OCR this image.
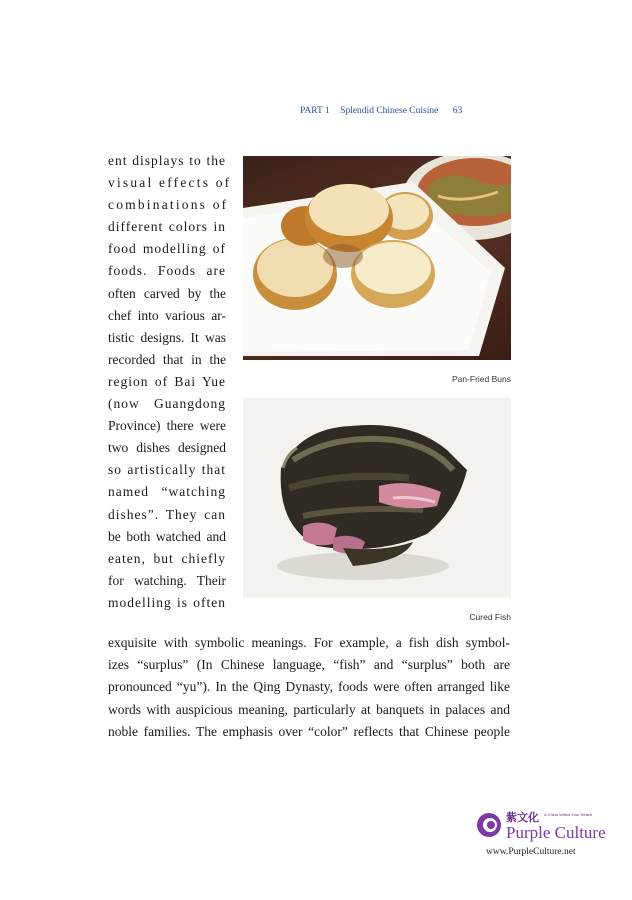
PART 1 Splendid Chinese Cuisine 63
ent displays to the
visual effects of
combinations of
different colors in
food modelling of
foods. Foods are
often carved by the
chef into various ar-
tistic designs. It was
recorded that in the
region of Bai Yue
(now Guangdong
Province) there were
two dishes designed
so artistically that
named “watching
dishes”. They can
be both watched and
eaten, but chiefly
for watching. Their
modelling is often
Pan-Fried Buns
Cured Fish
exquisite with symbolic meanings. For example, a fish dish symbol-
izes “surplus” (In Chinese language, “fish” and “surplus” both are
pronounced “yu”). In the Qing Dynasty, foods were often arranged like
words with auspicious meaning, particularly at banquets in palaces and
noble families. The emphasis over “color” reflects that Chinese people
紫文化 A China Within Your Reach
Purple Culture
www.PurpleCulture.net
